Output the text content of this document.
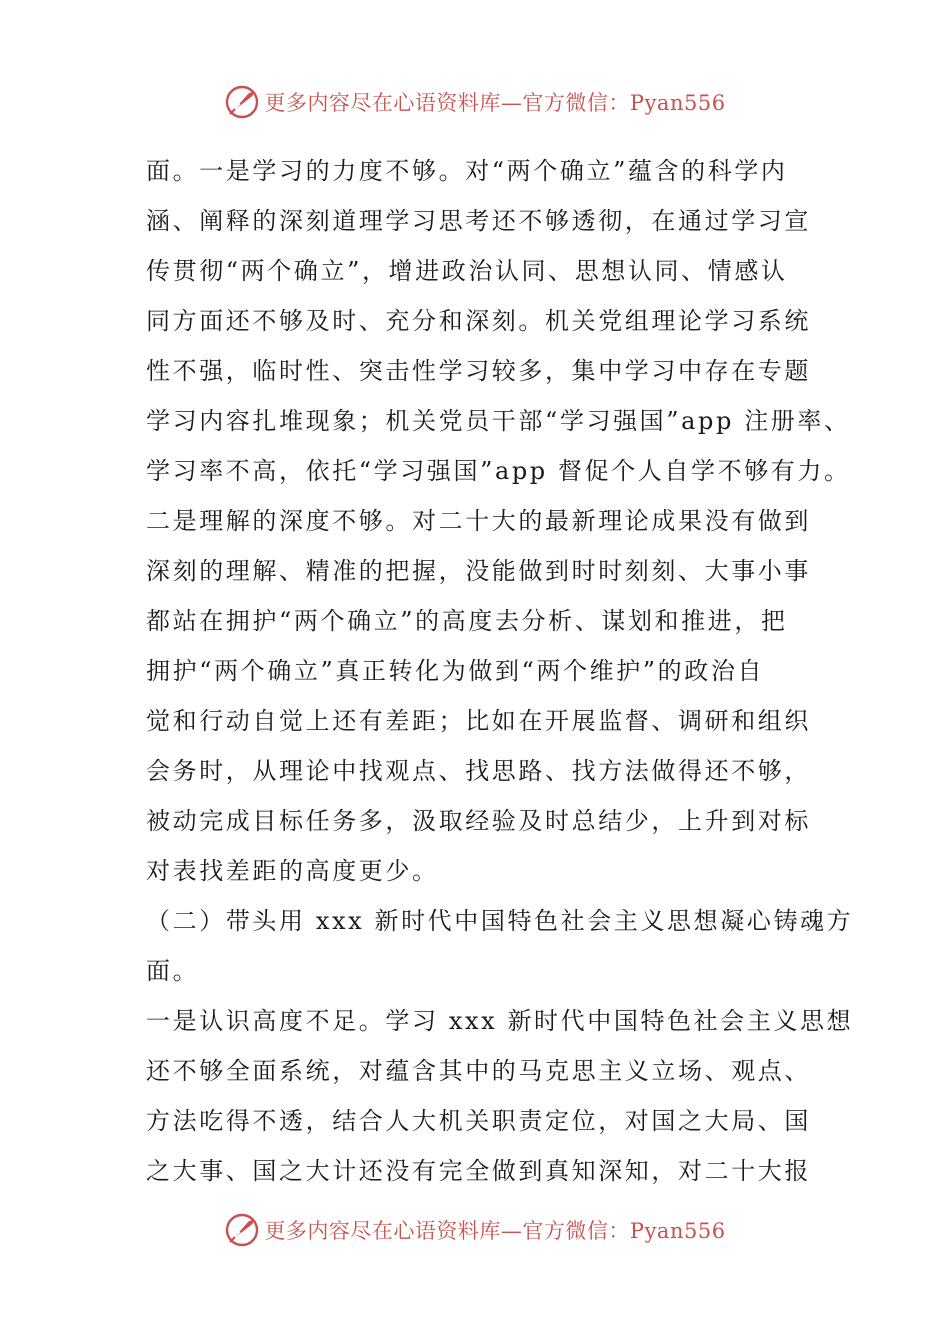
更多内容尽在心语资料库—官方微信：Pyan556
面。一是学习的力度不够。对“两个确立”蕴含的科学内
涵、阐释的深刻道理学习思考还不够透彻，在通过学习宣
传贯彻“两个确立”，增进政治认同、思想认同、情感认
同方面还不够及时、充分和深刻。机关党组理论学习系统
性不强，临时性、突击性学习较多，集中学习中存在专题
学习内容扎堆现象；机关党员干部“学习强国”app 注册率、
学习率不高，依托“学习强国”app 督促个人自学不够有力。
二是理解的深度不够。对二十大的最新理论成果没有做到
深刻的理解、精准的把握，没能做到时时刻刻、大事小事
都站在拥护“两个确立”的高度去分析、谋划和推进，把
拥护“两个确立”真正转化为做到“两个维护”的政治自
觉和行动自觉上还有差距；比如在开展监督、调研和组织
会务时，从理论中找观点、找思路、找方法做得还不够，
被动完成目标任务多，汲取经验及时总结少，上升到对标
对表找差距的高度更少。
（二）带头用 xxx 新时代中国特色社会主义思想凝心铸魂方
面。
一是认识高度不足。学习 xxx 新时代中国特色社会主义思想
还不够全面系统，对蕴含其中的马克思主义立场、观点、
方法吃得不透，结合人大机关职责定位，对国之大局、国
之大事、国之大计还没有完全做到真知深知，对二十大报
更多内容尽在心语资料库—官方微信：Pyan556
